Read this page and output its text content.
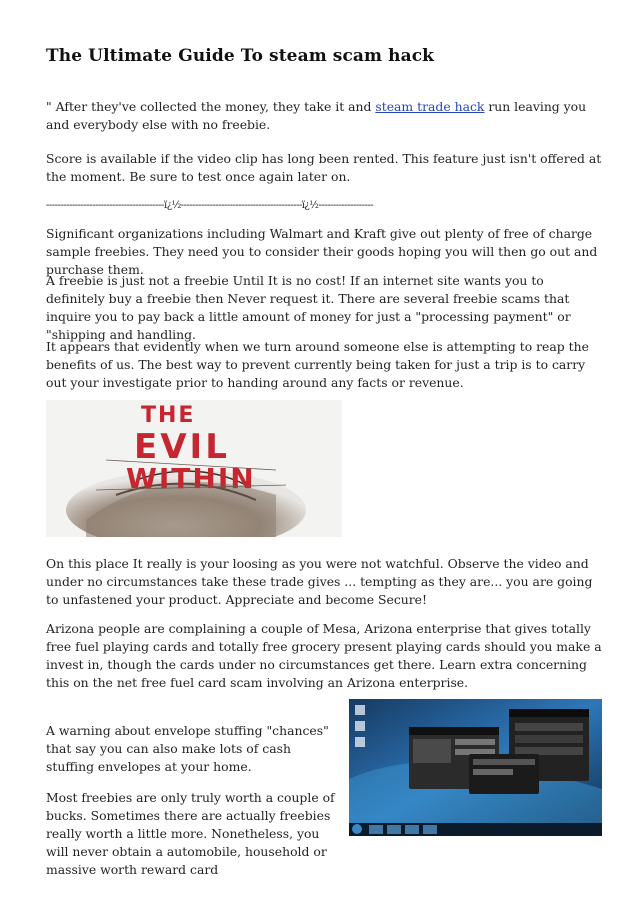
The Ultimate Guide To steam scam hack

" After they've collected the money, they take it and steam trade hack run leaving you and everybody else with no freebie.

Score is available if the video clip has long been rented. This feature just isn't offered at the moment. Be sure to test once again later on.

-----------------------------------------ï¿½------------------------------------------ï¿½-------------------

Significant organizations including Walmart and Kraft give out plenty of free of charge sample freebies. They need you to consider their goods hoping you will then go out and purchase them.

A freebie is just not a freebie Until It is no cost! If an internet site wants you to definitely buy a freebie then Never request it. There are several freebie scams that inquire you to pay back a little amount of money for just a "processing payment" or "shipping and handling.

It appears that evidently when we turn around someone else is attempting to reap the benefits of us. The best way to prevent currently being taken for just a trip is to carry out your investigate prior to handing around any facts or revenue.

THE
EVIL
WITHIN

On this place It really is your loosing as you were not watchful. Observe the video and under no circumstances take these trade gives ... tempting as they are... you are going to unfastened your product. Appreciate and become Secure!

Arizona people are complaining a couple of Mesa, Arizona enterprise that gives totally free fuel playing cards and totally free grocery present playing cards should you make a invest in, though the cards under no circumstances get there. Learn extra concerning this on the net free fuel card scam involving an Arizona enterprise.

A warning about envelope stuffing "chances" that say you can also make lots of cash stuffing envelopes at your home.

Most freebies are only truly worth a couple of bucks. Sometimes there are actually freebies really worth a little more. Nonetheless, you will never obtain a automobile, household or massive worth reward card
